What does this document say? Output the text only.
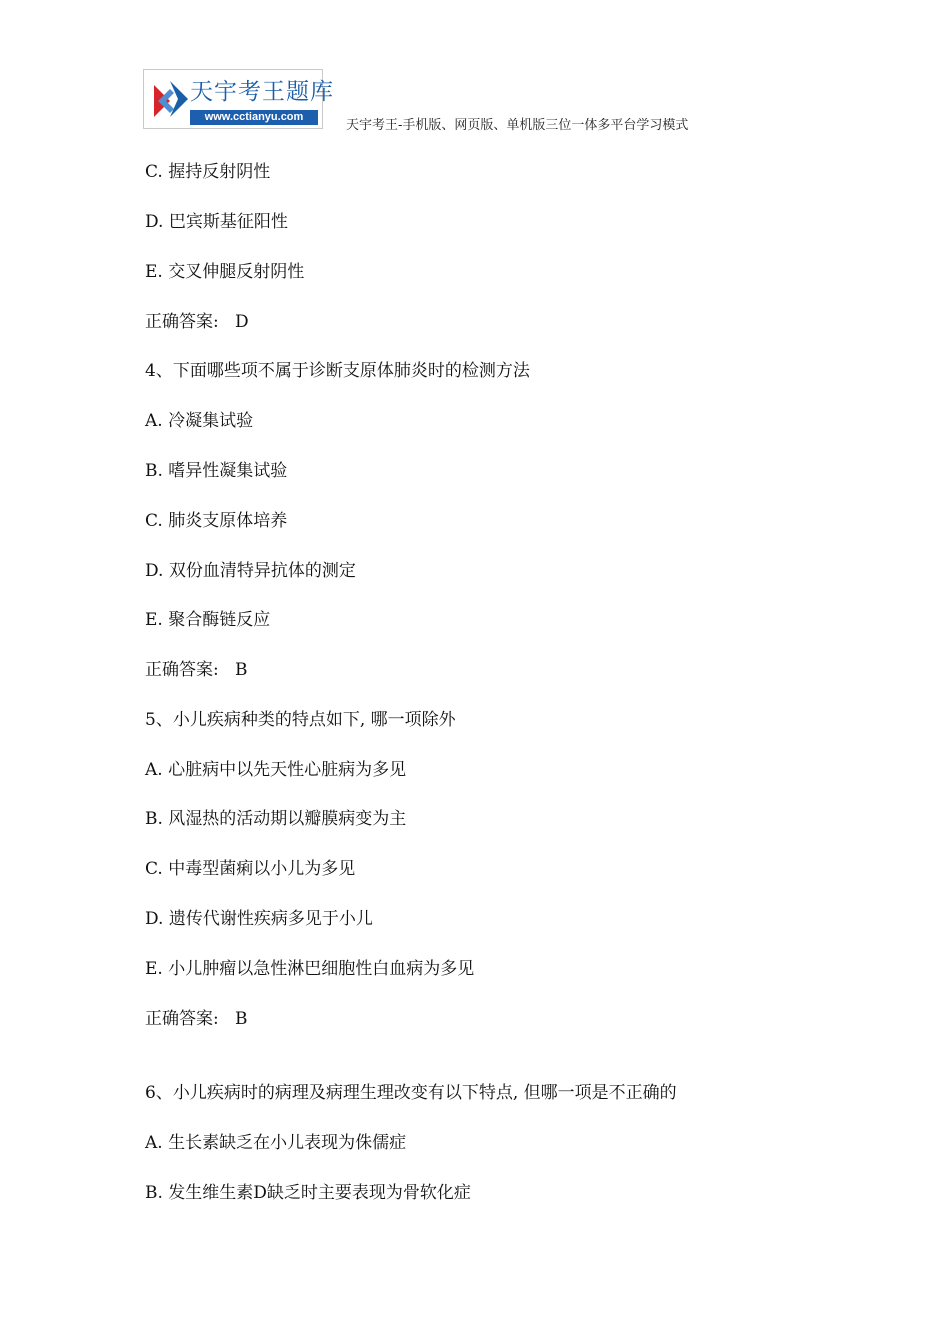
天宇考王题库
www.cctianyu.com
天宇考王-手机版、网页版、单机版三位一体多平台学习模式
C. 握持反射阴性
D. 巴宾斯基征阳性
E. 交叉伸腿反射阴性
正确答案:   D
4、下面哪些项不属于诊断支原体肺炎时的检测方法
A. 冷凝集试验
B. 嗜异性凝集试验
C. 肺炎支原体培养
D. 双份血清特异抗体的测定
E. 聚合酶链反应
正确答案:   B
5、小儿疾病种类的特点如下, 哪一项除外
A. 心脏病中以先天性心脏病为多见
B. 风湿热的活动期以瓣膜病变为主
C. 中毒型菌痢以小儿为多见
D. 遗传代谢性疾病多见于小儿
E. 小儿肿瘤以急性淋巴细胞性白血病为多见
正确答案:   B
6、小儿疾病时的病理及病理生理改变有以下特点, 但哪一项是不正确的
A. 生长素缺乏在小儿表现为侏儒症
B. 发生维生素D缺乏时主要表现为骨软化症
